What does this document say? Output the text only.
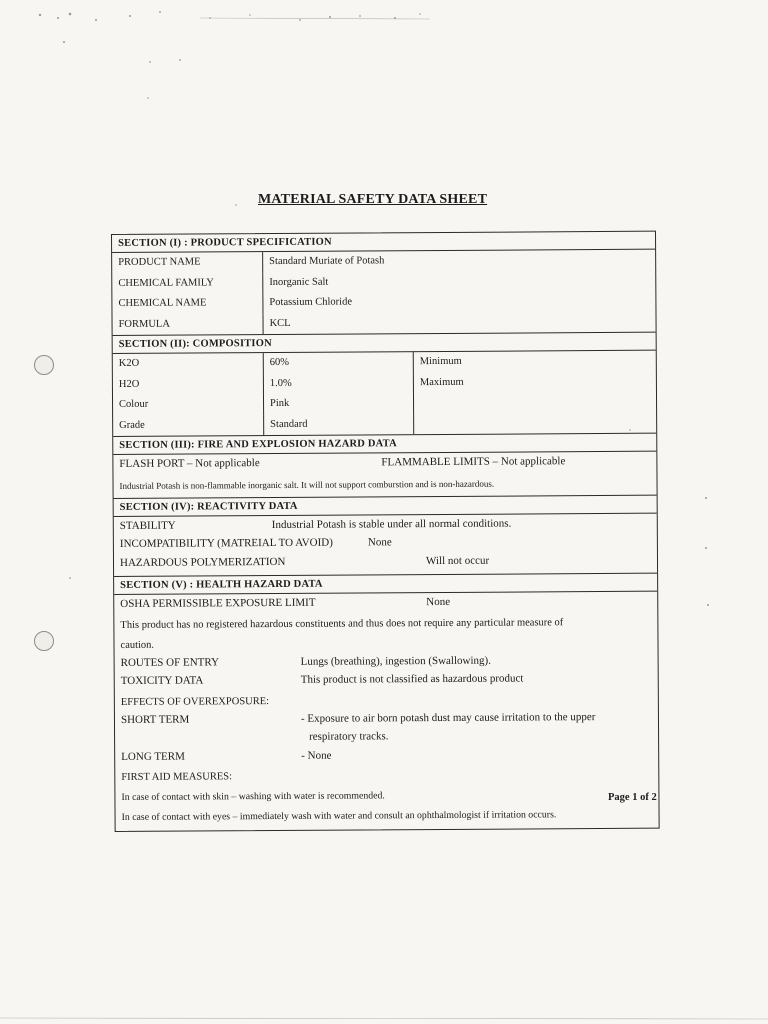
MATERIAL SAFETY DATA SHEET
SECTION (I) : PRODUCT SPECIFICATION
PRODUCT NAME	Standard Muriate of Potash
CHEMICAL FAMILY	Inorganic Salt
CHEMICAL NAME	Potassium Chloride
FORMULA	KCL
SECTION (II): COMPOSITION
K2O	60%	Minimum
H2O	1.0%	Maximum
Colour	Pink
Grade	Standard
SECTION (III): FIRE AND EXPLOSION HAZARD DATA
FLASH PORT – Not applicable	FLAMMABLE LIMITS – Not applicable
Industrial Potash is non-flammable inorganic salt. It will not support comburstion and is non-hazardous.
SECTION (IV): REACTIVITY DATA
STABILITY	Industrial Potash is stable under all normal conditions.
INCOMPATIBILITY (MATREIAL TO AVOID)	None
HAZARDOUS POLYMERIZATION	Will not occur
SECTION (V) : HEALTH HAZARD DATA
OSHA PERMISSIBLE EXPOSURE LIMIT	None
This product has no registered hazardous constituents and thus does not require any particular measure of
caution.
ROUTES OF ENTRY	Lungs (breathing), ingestion (Swallowing).
TOXICITY DATA	This product is not classified as hazardous product
EFFECTS OF OVEREXPOSURE:
SHORT TERM	- Exposure to air born potash dust may cause irritation to the upper
respiratory tracks.
LONG TERM	- None
FIRST AID MEASURES:
In case of contact with skin – washing with water is recommended.
In case of contact with eyes – immediately wash with water and consult an ophthalmologist if irritation occurs.
Page 1 of 2
